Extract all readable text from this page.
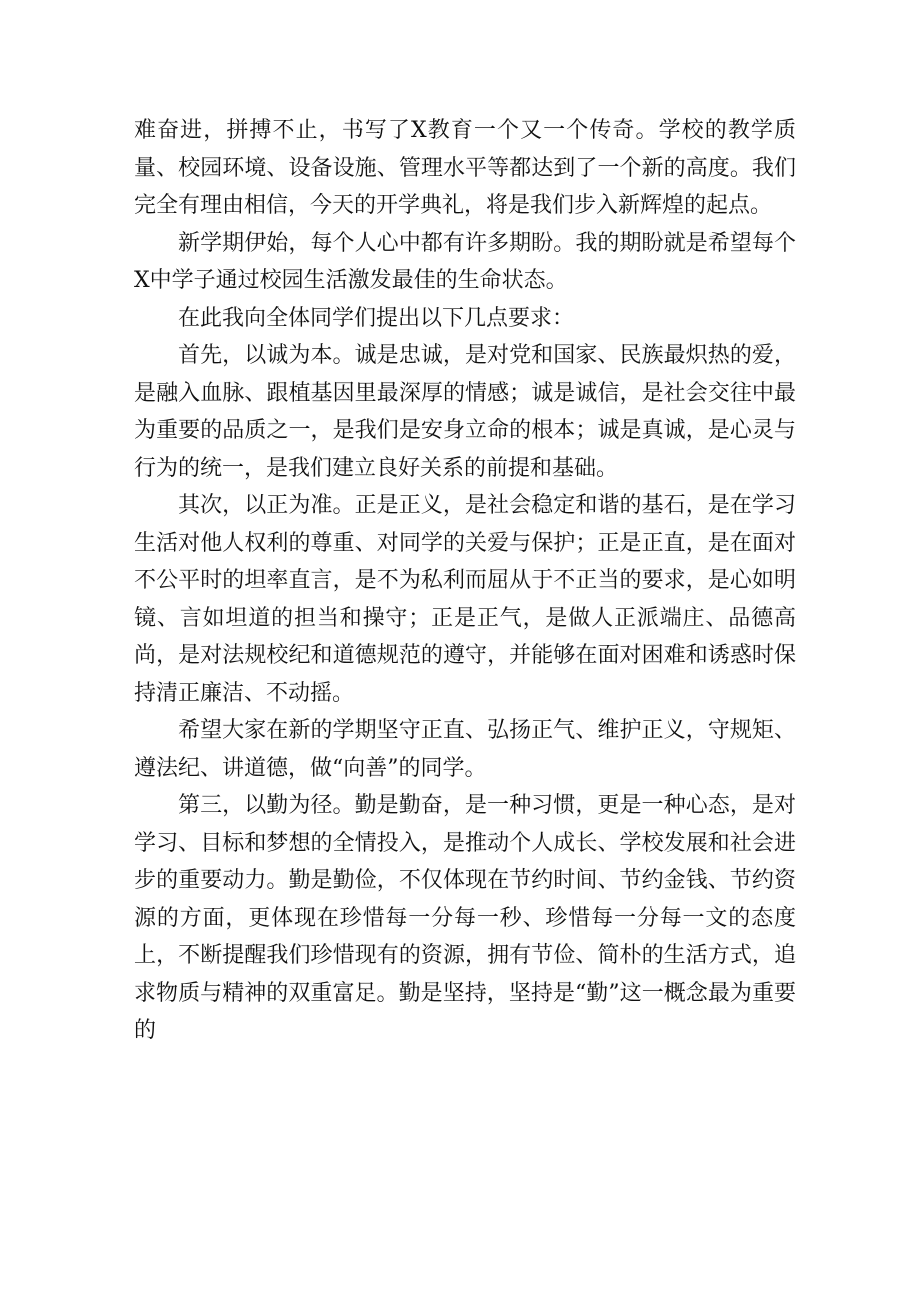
难奋进，拼搏不止，书写了X教育一个又一个传奇。学校的教学质量、校园环境、设备设施、管理水平等都达到了一个新的高度。我们完全有理由相信，今天的开学典礼，将是我们步入新辉煌的起点。

新学期伊始，每个人心中都有许多期盼。我的期盼就是希望每个X中学子通过校园生活激发最佳的生命状态。

在此我向全体同学们提出以下几点要求：

首先，以诚为本。诚是忠诚，是对党和国家、民族最炽热的爱，是融入血脉、跟植基因里最深厚的情感；诚是诚信，是社会交往中最为重要的品质之一，是我们是安身立命的根本；诚是真诚，是心灵与行为的统一，是我们建立良好关系的前提和基础。

其次，以正为准。正是正义，是社会稳定和谐的基石，是在学习生活对他人权利的尊重、对同学的关爱与保护；正是正直，是在面对不公平时的坦率直言，是不为私利而屈从于不正当的要求，是心如明镜、言如坦道的担当和操守；正是正气，是做人正派端庄、品德高尚，是对法规校纪和道德规范的遵守，并能够在面对困难和诱惑时保持清正廉洁、不动摇。

希望大家在新的学期坚守正直、弘扬正气、维护正义，守规矩、遵法纪、讲道德，做“向善”的同学。

第三，以勤为径。勤是勤奋，是一种习惯，更是一种心态，是对学习、目标和梦想的全情投入，是推动个人成长、学校发展和社会进步的重要动力。勤是勤俭，不仅体现在节约时间、节约金钱、节约资源的方面，更体现在珍惜每一分每一秒、珍惜每一分每一文的态度上，不断提醒我们珍惜现有的资源，拥有节俭、简朴的生活方式，追求物质与精神的双重富足。勤是坚持，坚持是“勤”这一概念最为重要的
